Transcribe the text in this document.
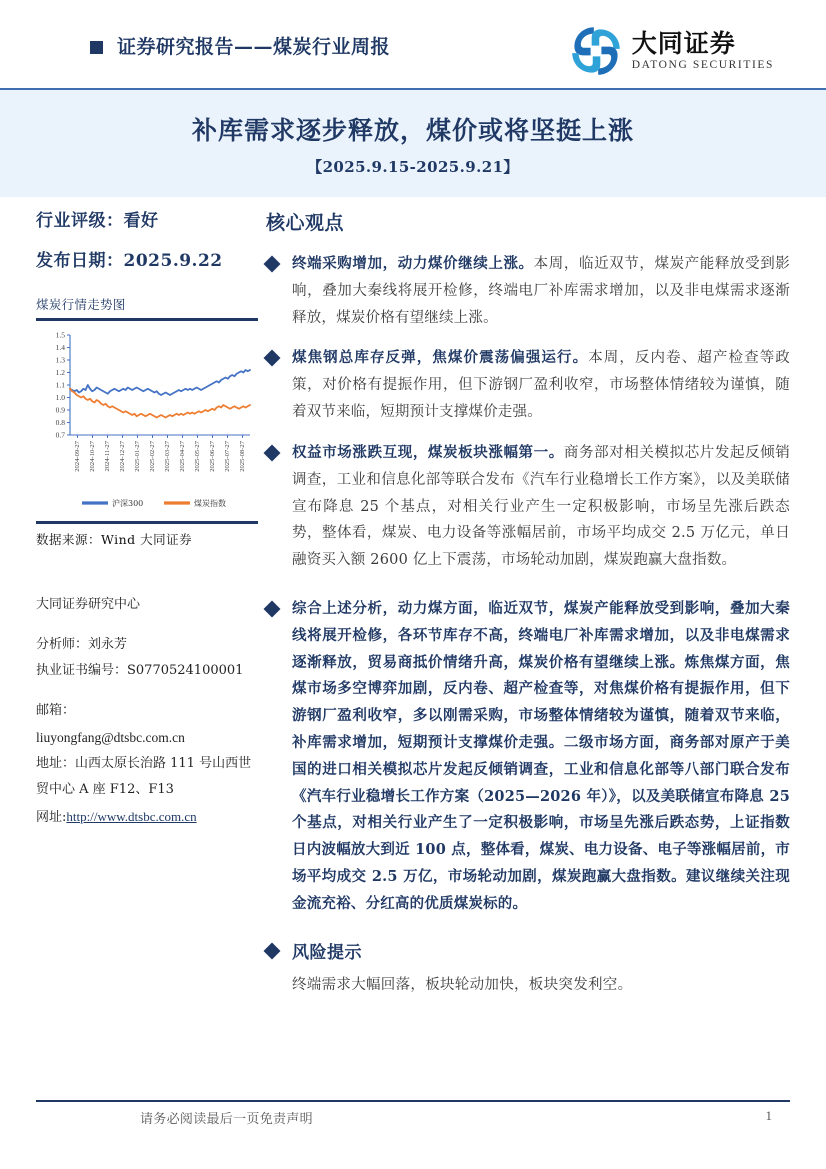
证券研究报告——煤炭行业周报	大同证券
DATONG SECURITIES
补库需求逐步释放，煤价或将坚挺上涨
【2025.9.15-2025.9.21】
行业评级：看好
发布日期：2025.9.22
煤炭行情走势图
0.7
0.8
0.9
1.0
1.1
1.2
1.3
1.4
1.5
2024-09-27 2024-10-27 2024-11-27 2024-12-27 2025-01-27 2025-02-27 2025-03-27 2025-04-27 2025-05-27 2025-06-27 2025-07-27 2025-08-27
沪深300	煤炭指数
数据来源：Wind 大同证券
大同证券研究中心
分析师：刘永芳
执业证书编号：S0770524100001
邮箱：
liuyongfang@dtsbc.com.cn
地址：山西太原长治路 111 号山西世贸中心 A 座 F12、F13
网址:http://www.dtsbc.com.cn
核心观点
终端采购增加，动力煤价继续上涨。本周，临近双节，煤炭产能释放受到影响，叠加大秦线将展开检修，终端电厂补库需求增加，以及非电煤需求逐渐释放，煤炭价格有望继续上涨。
煤焦钢总库存反弹，焦煤价震荡偏强运行。本周，反内卷、超产检查等政策，对价格有提振作用，但下游钢厂盈利收窄，市场整体情绪较为谨慎，随着双节来临，短期预计支撑煤价走强。
权益市场涨跌互现，煤炭板块涨幅第一。商务部对相关模拟芯片发起反倾销调查，工业和信息化部等联合发布《汽车行业稳增长工作方案》，以及美联储宣布降息 25 个基点，对相关行业产生一定积极影响，市场呈先涨后跌态势，整体看，煤炭、电力设备等涨幅居前，市场平均成交 2.5 万亿元，单日融资买入额 2600 亿上下震荡，市场轮动加剧，煤炭跑赢大盘指数。
综合上述分析，动力煤方面，临近双节，煤炭产能释放受到影响，叠加大秦线将展开检修，各环节库存不高，终端电厂补库需求增加，以及非电煤需求逐渐释放，贸易商抵价情绪升高，煤炭价格有望继续上涨。炼焦煤方面，焦煤市场多空博弈加剧，反内卷、超产检查等，对焦煤价格有提振作用，但下游钢厂盈利收窄，多以刚需采购，市场整体情绪较为谨慎，随着双节来临，补库需求增加，短期预计支撑煤价走强。二级市场方面，商务部对原产于美国的进口相关模拟芯片发起反倾销调查，工业和信息化部等八部门联合发布《汽车行业稳增长工作方案（2025—2026 年）》，以及美联储宣布降息 25 个基点，对相关行业产生了一定积极影响，市场呈先涨后跌态势，上证指数日内波幅放大到近 100 点，整体看，煤炭、电力设备、电子等涨幅居前，市场平均成交 2.5 万亿，市场轮动加剧，煤炭跑赢大盘指数。建议继续关注现金流充裕、分红高的优质煤炭标的。
风险提示
终端需求大幅回落，板块轮动加快，板块突发利空。
请务必阅读最后一页免责声明	1
